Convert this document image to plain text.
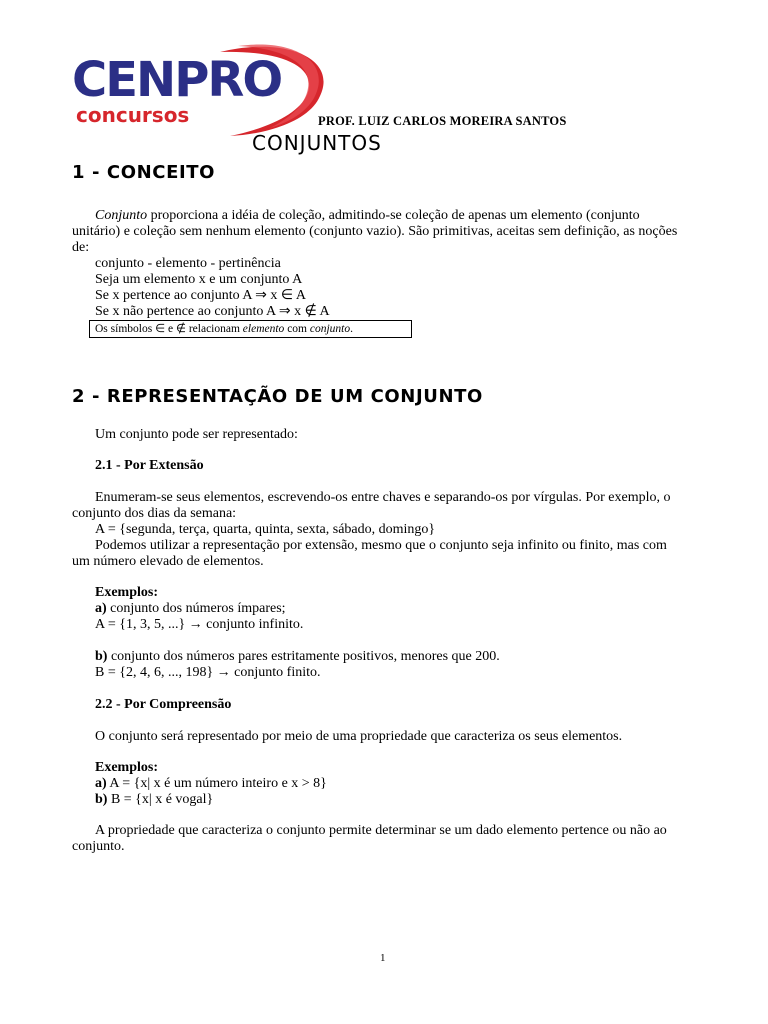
CENPRO
concursos	PROF. LUIZ CARLOS MOREIRA SANTOS
CONJUNTOS
1 - CONCEITO
Conjunto proporciona a idéia de coleção, admitindo-se coleção de apenas um elemento (conjunto
unitário) e coleção sem nenhum elemento (conjunto vazio). São primitivas, aceitas sem definição, as noções
de:
conjunto - elemento - pertinência
Seja um elemento x e um conjunto A
Se x pertence ao conjunto A ⇒ x ∈ A
Se x não pertence ao conjunto A ⇒ x ∉ A
Os símbolos ∈ e ∉ relacionam elemento com conjunto.
2 - REPRESENTAÇÃO DE UM CONJUNTO
Um conjunto pode ser representado:
2.1 - Por Extensão
Enumeram-se seus elementos, escrevendo-os entre chaves e separando-os por vírgulas. Por exemplo, o
conjunto dos dias da semana:
A = {segunda, terça, quarta, quinta, sexta, sábado, domingo}
Podemos utilizar a representação por extensão, mesmo que o conjunto seja infinito ou finito, mas com
um número elevado de elementos.
Exemplos:
a) conjunto dos números ímpares;
A = {1, 3, 5, ...} → conjunto infinito.
b) conjunto dos números pares estritamente positivos, menores que 200.
B = {2, 4, 6, ..., 198} → conjunto finito.
2.2 - Por Compreensão
O conjunto será representado por meio de uma propriedade que caracteriza os seus elementos.
Exemplos:
a) A = {x| x é um número inteiro e x > 8}
b) B = {x| x é vogal}
A propriedade que caracteriza o conjunto permite determinar se um dado elemento pertence ou não ao
conjunto.
1
